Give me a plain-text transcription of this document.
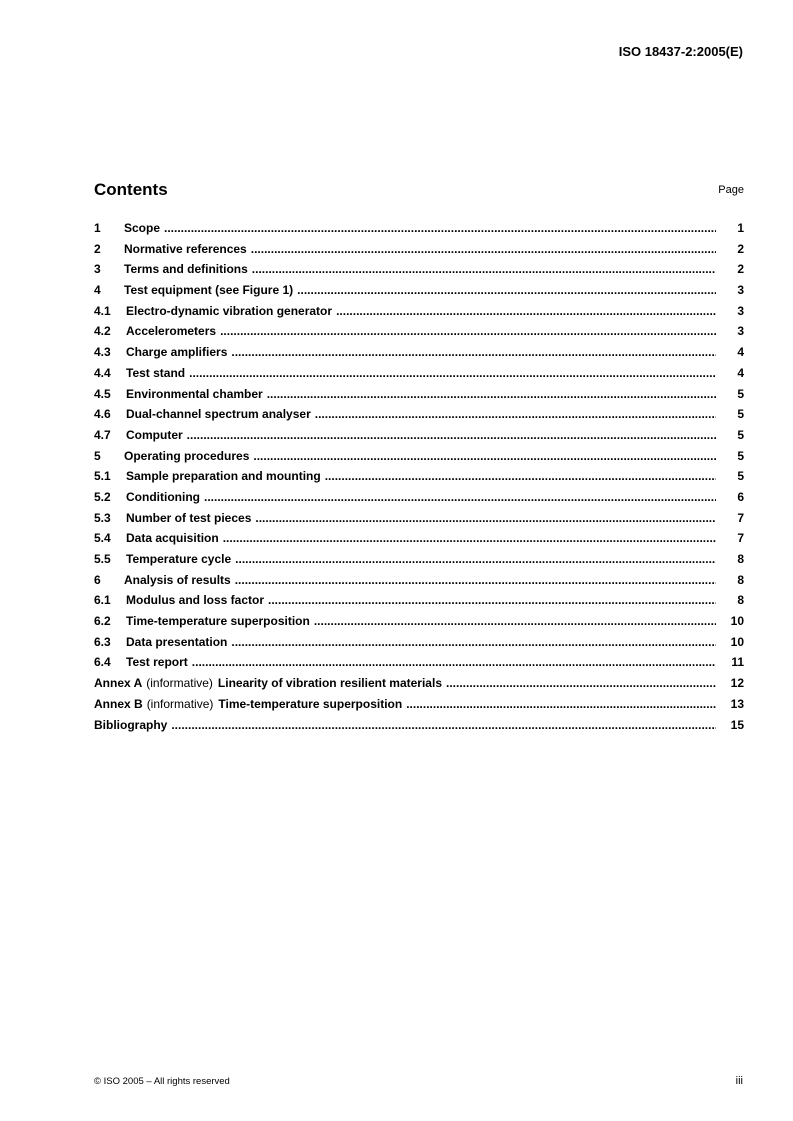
ISO 18437-2:2005(E)
Contents	Page
1	Scope .....	1
2	Normative references .....	2
3	Terms and definitions .....	2
4	Test equipment (see Figure 1) .....	3
4.1	Electro-dynamic vibration generator .....	3
4.2	Accelerometers .....	3
4.3	Charge amplifiers .....	4
4.4	Test stand .....	4
4.5	Environmental chamber .....	5
4.6	Dual-channel spectrum analyser .....	5
4.7	Computer .....	5
5	Operating procedures .....	5
5.1	Sample preparation and mounting .....	5
5.2	Conditioning .....	6
5.3	Number of test pieces .....	7
5.4	Data acquisition .....	7
5.5	Temperature cycle .....	8
6	Analysis of results .....	8
6.1	Modulus and loss factor .....	8
6.2	Time-temperature superposition .....	10
6.3	Data presentation .....	10
6.4	Test report .....	11
Annex A (informative) Linearity of vibration resilient materials .....	12
Annex B (informative) Time-temperature superposition .....	13
Bibliography .....	15
© ISO 2005 – All rights reserved	iii
